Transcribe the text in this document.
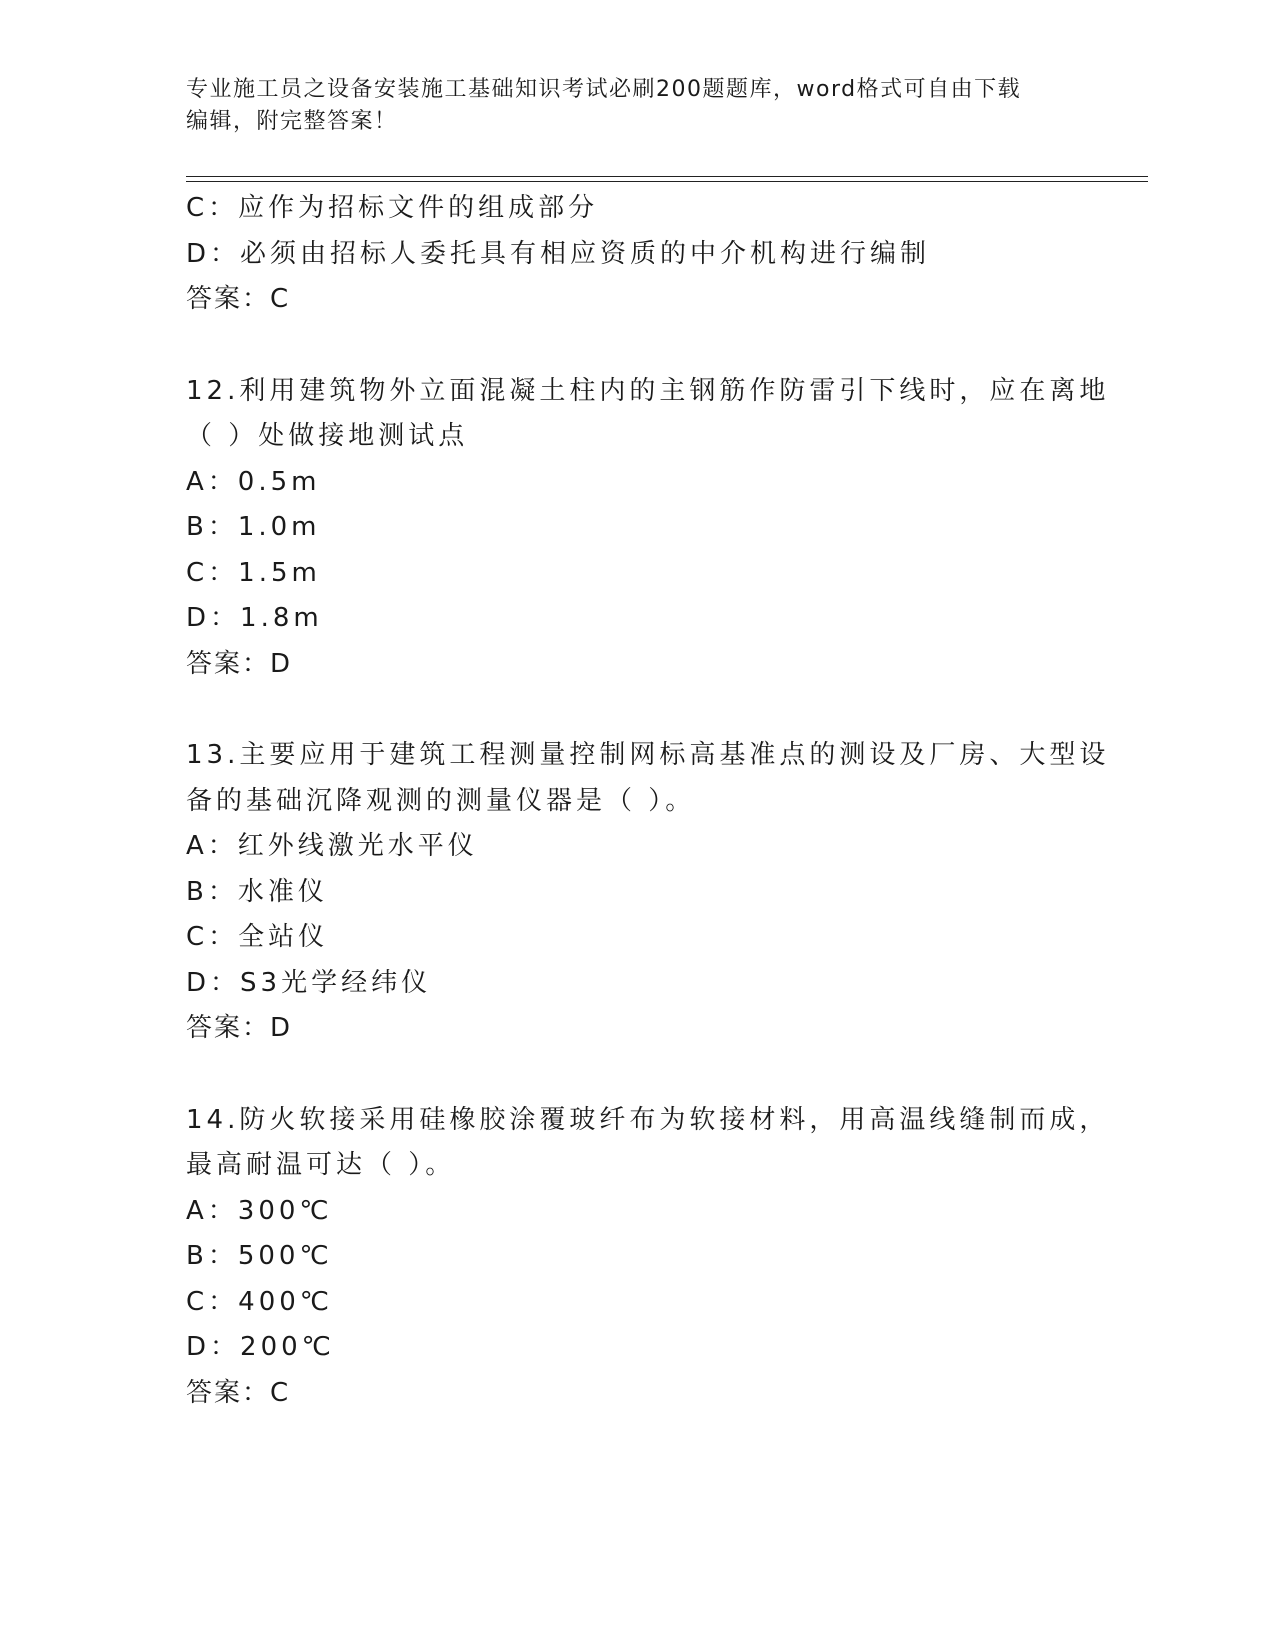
专业施工员之设备安装施工基础知识考试必刷200题题库，word格式可自由下载
编辑，附完整答案！
C：应作为招标文件的组成部分
D：必须由招标人委托具有相应资质的中介机构进行编制
答案：C
12.利用建筑物外立面混凝土柱内的主钢筋作防雷引下线时，应在离地
（ ）处做接地测试点
A：0.5m
B：1.0m
C：1.5m
D：1.8m
答案：D
13.主要应用于建筑工程测量控制网标高基准点的测设及厂房、大型设
备的基础沉降观测的测量仪器是（ ）。
A：红外线激光水平仪
B：水准仪
C：全站仪
D：S3光学经纬仪
答案：D
14.防火软接采用硅橡胶涂覆玻纤布为软接材料，用高温线缝制而成，
最高耐温可达（ ）。
A：300℃
B：500℃
C：400℃
D：200℃
答案：C
